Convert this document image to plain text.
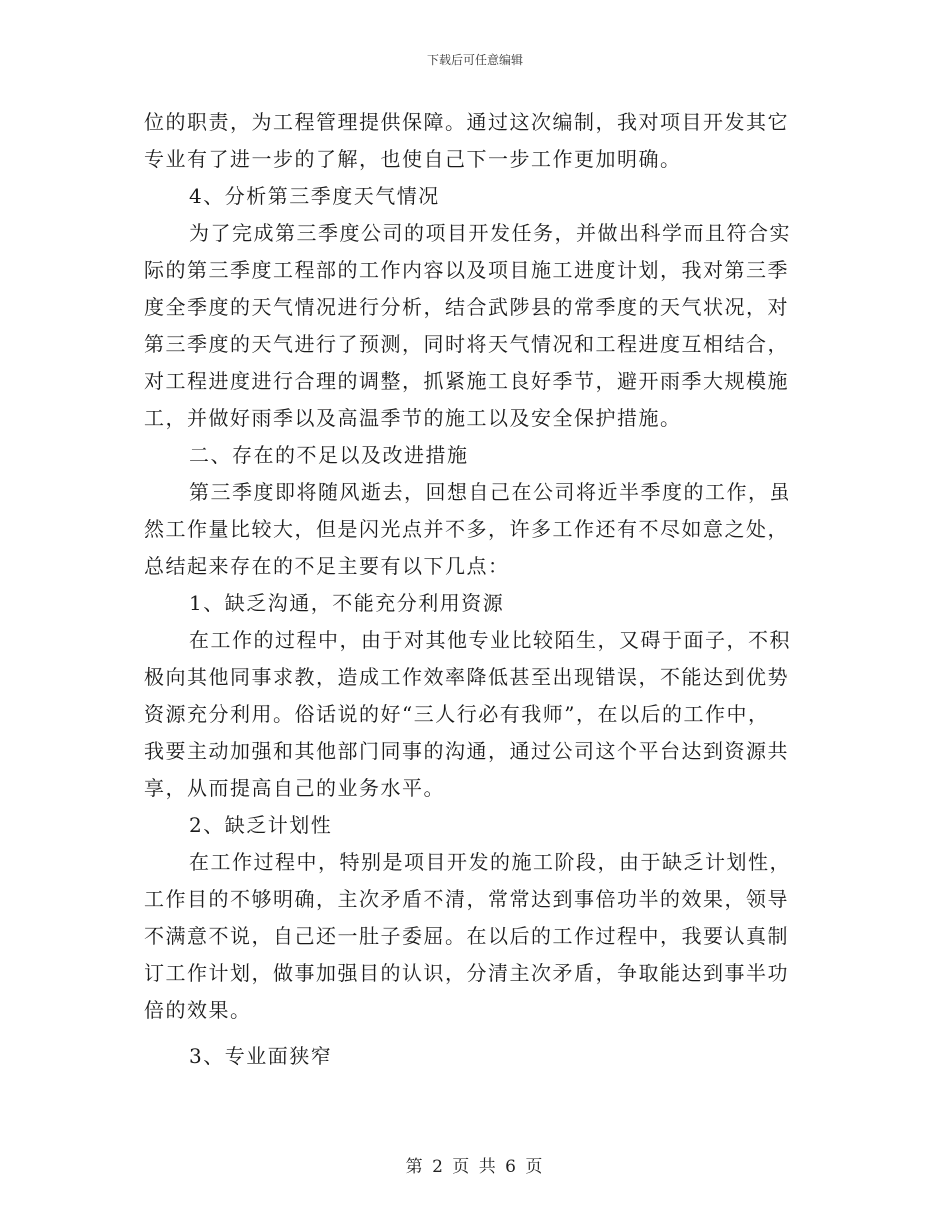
下载后可任意编辑
位的职责，为工程管理提供保障。通过这次编制，我对项目开发其它
专业有了进一步的了解，也使自己下一步工作更加明确。
4、分析第三季度天气情况
为了完成第三季度公司的项目开发任务，并做出科学而且符合实
际的第三季度工程部的工作内容以及项目施工进度计划，我对第三季
度全季度的天气情况进行分析，结合武陟县的常季度的天气状况，对
第三季度的天气进行了预测，同时将天气情况和工程进度互相结合，
对工程进度进行合理的调整，抓紧施工良好季节，避开雨季大规模施
工，并做好雨季以及高温季节的施工以及安全保护措施。
二、存在的不足以及改进措施
第三季度即将随风逝去，回想自己在公司将近半季度的工作，虽
然工作量比较大，但是闪光点并不多，许多工作还有不尽如意之处，
总结起来存在的不足主要有以下几点：
1、缺乏沟通，不能充分利用资源
在工作的过程中，由于对其他专业比较陌生，又碍于面子，不积
极向其他同事求教，造成工作效率降低甚至出现错误，不能达到优势
资源充分利用。俗话说的好“三人行必有我师”，在以后的工作中，
我要主动加强和其他部门同事的沟通，通过公司这个平台达到资源共
享，从而提高自己的业务水平。
2、缺乏计划性
在工作过程中，特别是项目开发的施工阶段，由于缺乏计划性，
工作目的不够明确，主次矛盾不清，常常达到事倍功半的效果，领导
不满意不说，自己还一肚子委屈。在以后的工作过程中，我要认真制
订工作计划，做事加强目的认识，分清主次矛盾，争取能达到事半功
倍的效果。
3、专业面狭窄
第 2 页 共 6 页
